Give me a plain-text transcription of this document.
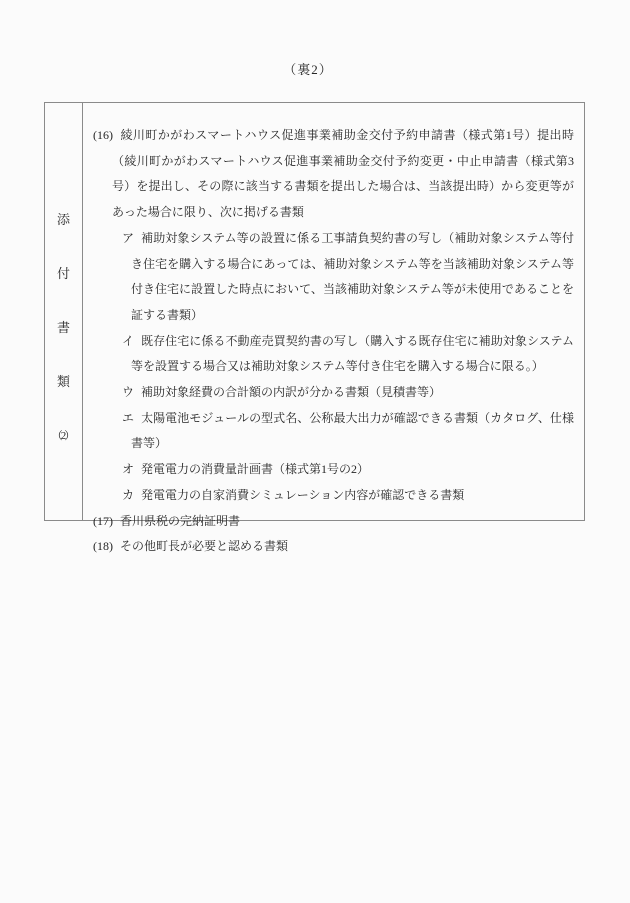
（裏2）
添
付
書
類
（2）
(16) 綾川町かがわスマートハウス促進事業補助金交付予約申請書（様式第1号）提出時（綾川町かがわスマートハウス促進事業補助金交付予約変更・中止申請書（様式第3号）を提出し、その際に該当する書類を提出した場合は、当該提出時）から変更等があった場合に限り、次に掲げる書類
ア 補助対象システム等の設置に係る工事請負契約書の写し（補助対象システム等付き住宅を購入する場合にあっては、補助対象システム等を当該補助対象システム等付き住宅に設置した時点において、当該補助対象システム等が未使用であることを証する書類）
イ 既存住宅に係る不動産売買契約書の写し（購入する既存住宅に補助対象システム等を設置する場合又は補助対象システム等付き住宅を購入する場合に限る。）
ウ 補助対象経費の合計額の内訳が分かる書類（見積書等）
エ 太陽電池モジュールの型式名、公称最大出力が確認できる書類（カタログ、仕様書等）
オ 発電電力の消費量計画書（様式第1号の2）
カ 発電電力の自家消費シミュレーション内容が確認できる書類
(17) 香川県税の完納証明書
(18) その他町長が必要と認める書類
